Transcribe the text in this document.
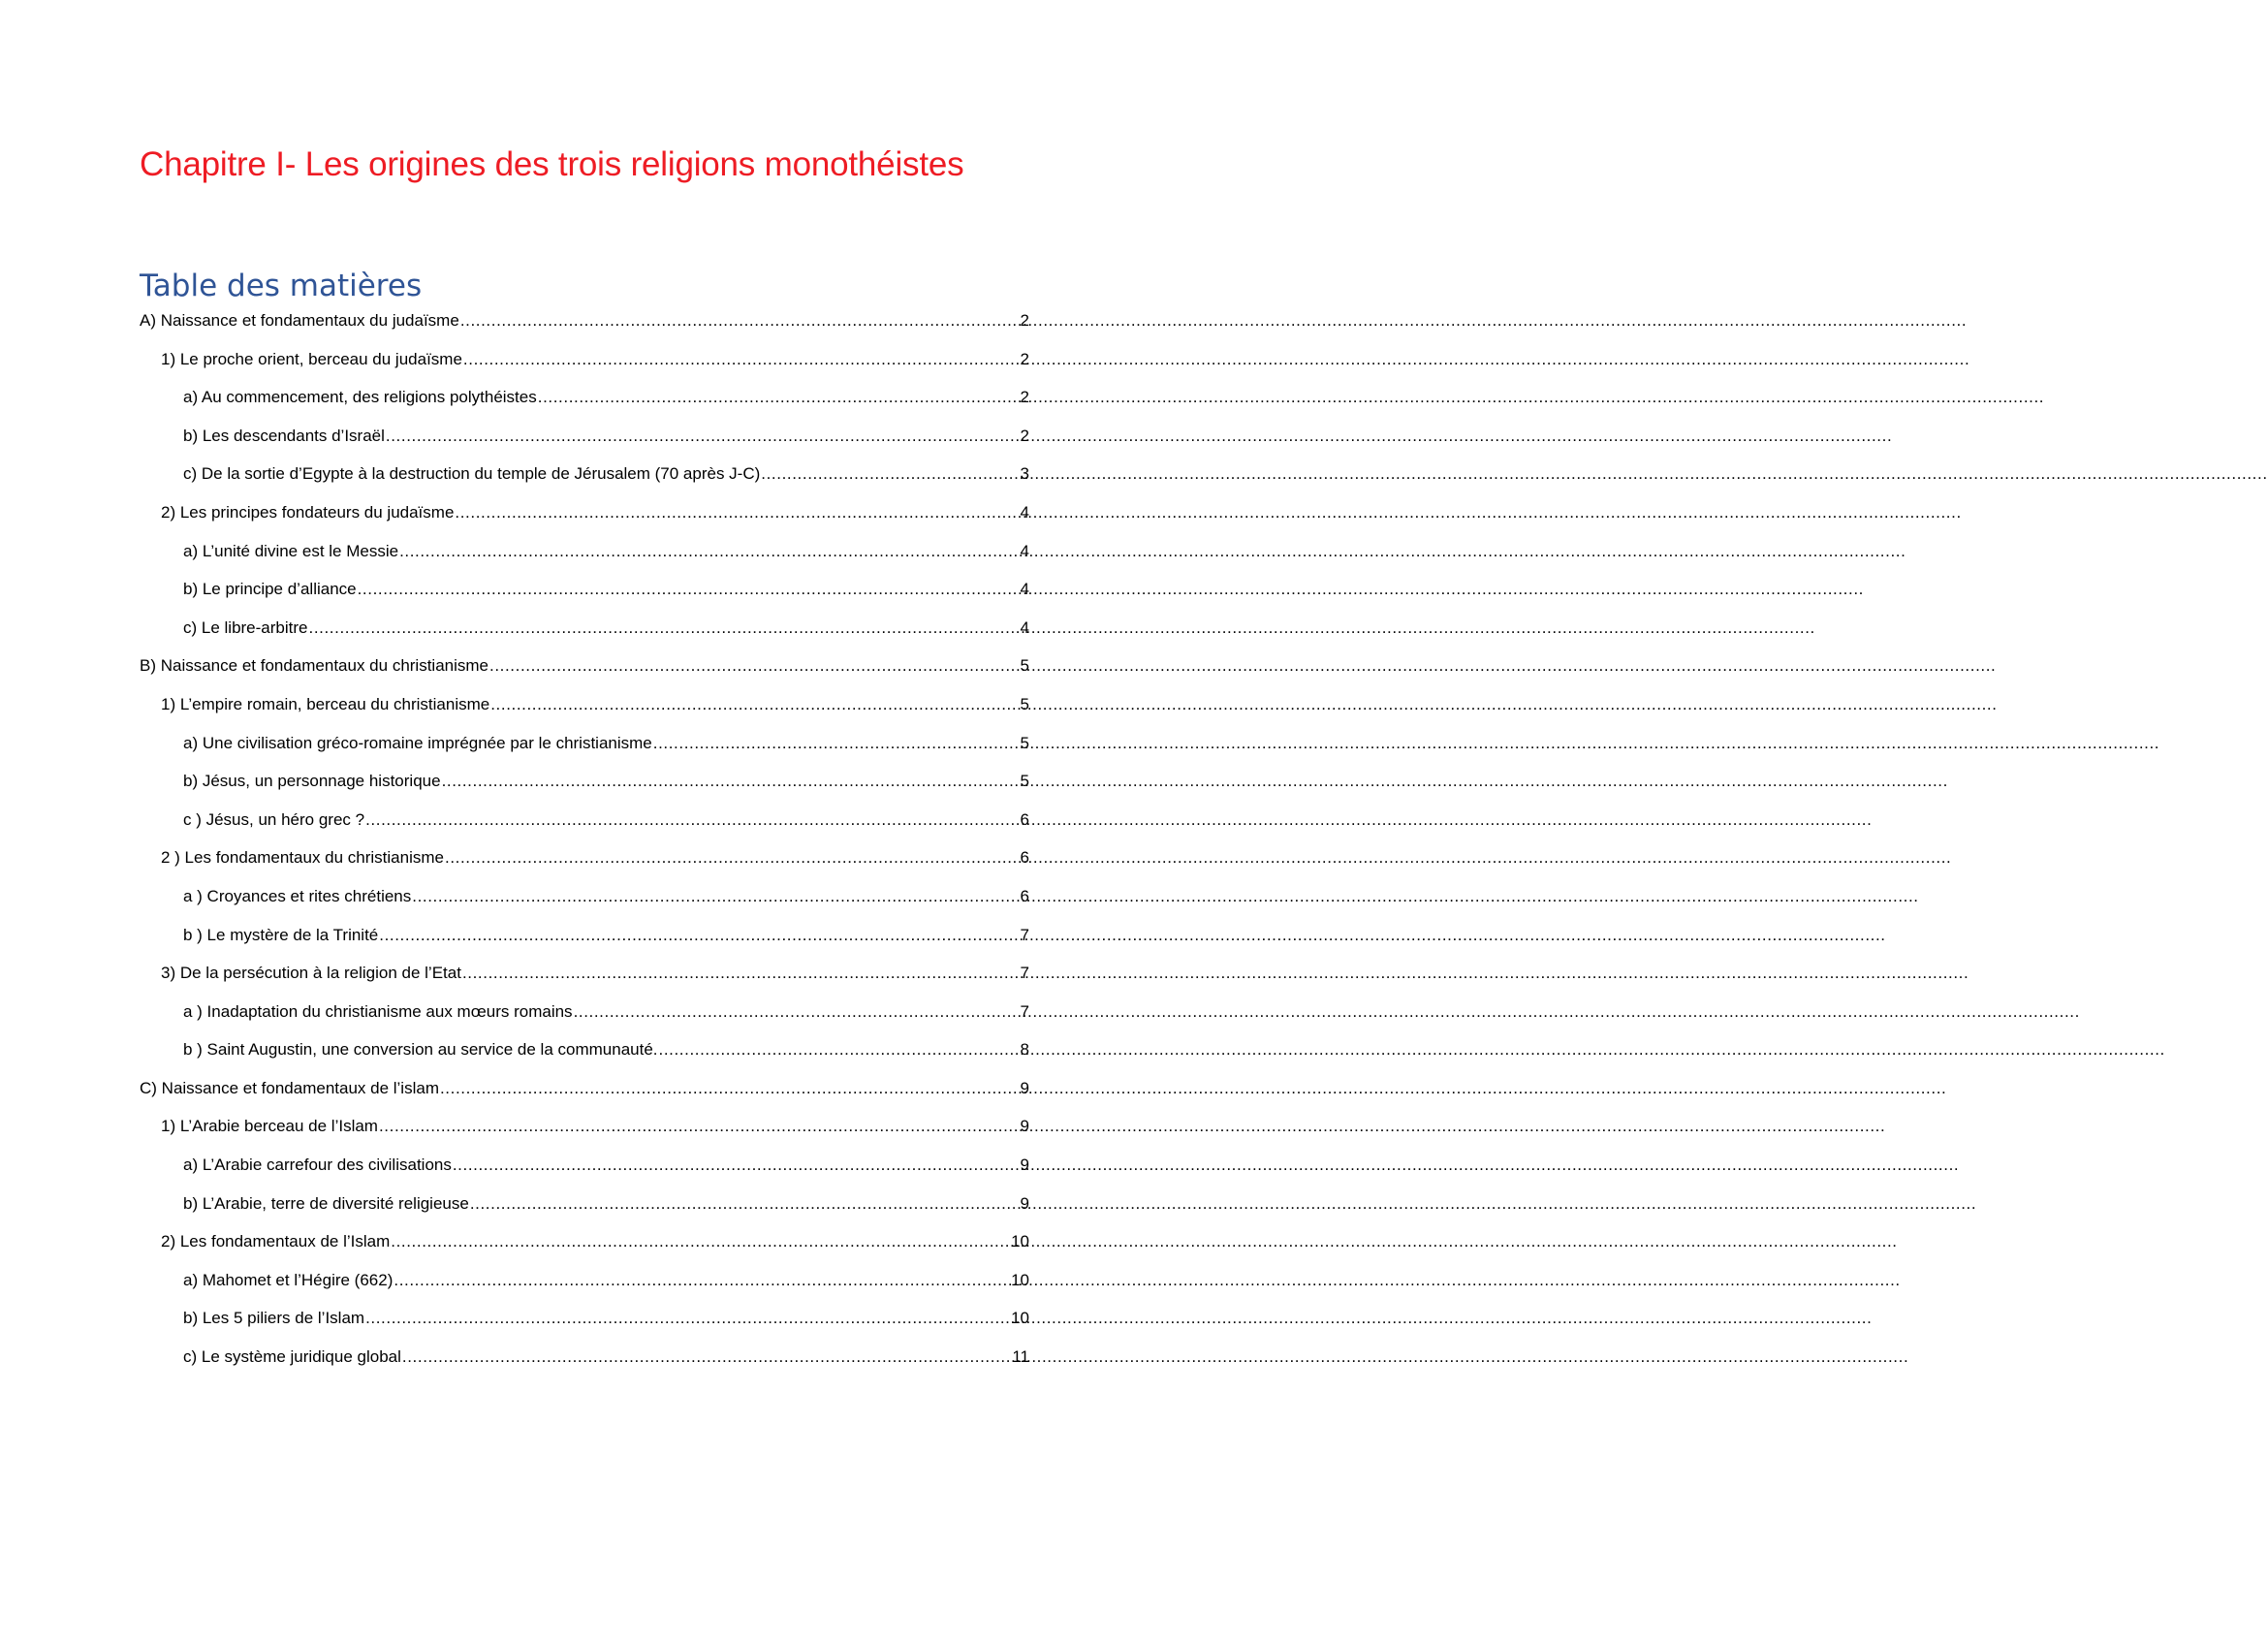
Chapitre I- Les origines des trois religions monothéistes
Table des matières
A) Naissance et fondamentaux du judaïsme .....	2
1) Le proche orient, berceau du judaïsme .....	2
a) Au commencement, des religions polythéistes .....	2
b) Les descendants d’Israël .....	2
c) De la sortie d’Egypte à la destruction du temple de Jérusalem (70 après J-C) .....	3
2) Les principes fondateurs du judaïsme .....	4
a) L’unité divine est le Messie .....	4
b) Le principe d’alliance .....	4
c) Le libre-arbitre .....	4
B) Naissance et fondamentaux du christianisme .....	5
1) L’empire romain, berceau du christianisme .....	5
a) Une civilisation gréco-romaine imprégnée par le christianisme .....	5
b) Jésus, un personnage historique .....	5
c ) Jésus, un héro grec ? .....	6
2 ) Les fondamentaux du christianisme .....	6
a ) Croyances et rites chrétiens .....	6
b ) Le mystère de la Trinité .....	7
3) De la persécution à la religion de l’Etat .....	7
a ) Inadaptation du christianisme aux mœurs romains .....	7
b ) Saint Augustin, une conversion au service de la communauté. .....	8
C) Naissance et fondamentaux de l’islam .....	9
1) L’Arabie berceau de l’Islam .....	9
a) L’Arabie carrefour des civilisations .....	9
b) L’Arabie, terre de diversité religieuse .....	9
2) Les fondamentaux de l’Islam .....	10
a) Mahomet et l’Hégire (662) .....	10
b) Les 5 piliers de l’Islam .....	10
c) Le système juridique global .....	11
